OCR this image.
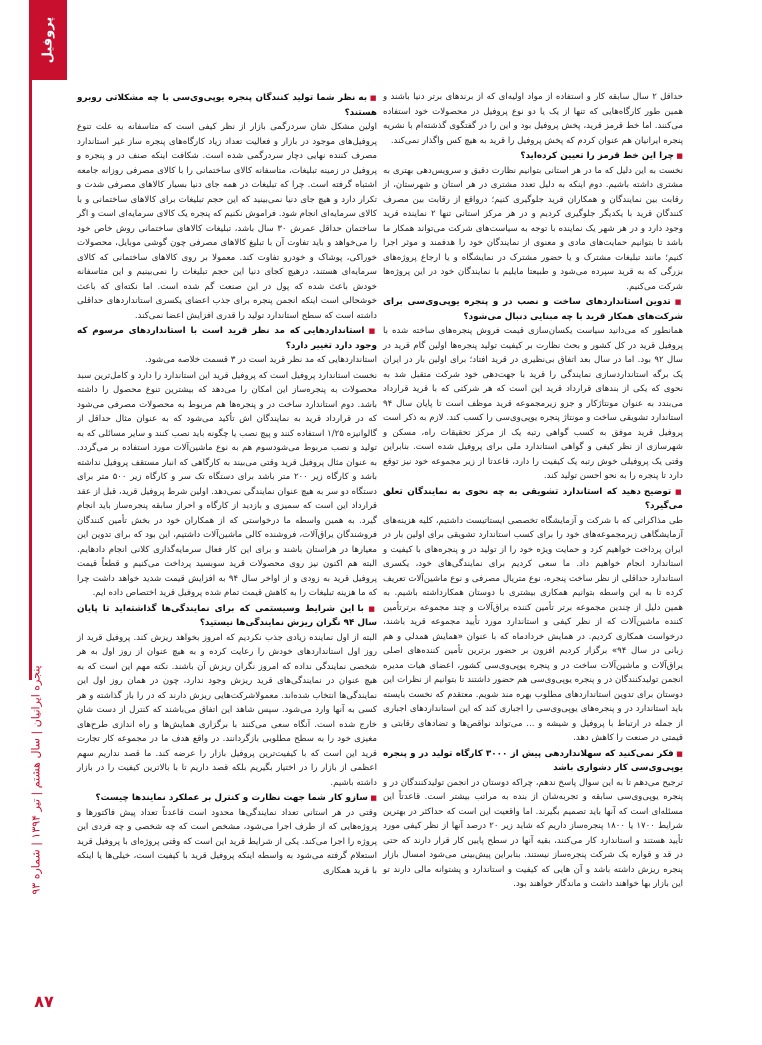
پروفیل
پنجره ایرانیان | سال هشتم | تیر ۱۳۹۴ | شماره ۹۳
۸۷

حداقل ۲ سال سابقه کار و استفاده از مواد اولیه‌ای که از برندهای برتر دنیا باشند و همین طور کارگاه‌هایی که تنها از یک یا دو نوع پروفیل در محصولات خود استفاده می‌کنند. اما خط قرمز قرید، پخش پروفیل بود و این را در گفتگوی گذشته‌ام با نشریه پنجره ایرانیان هم عنوان کردم که پخش پروفیل را قرید به هیچ کس واگذار نمی‌کند.

■ چرا این خط قرمز را تعیین کرده‌اید؟

نخست به این دلیل که ما در هر استانی بتوانیم نظارت دقیق و سرویس‌دهی بهتری به مشتری داشته باشیم. دوم اینکه به دلیل تعدد مشتری در هر استان و شهرستان، از رقابت بین نمایندگان و همکاران قرید جلوگیری کنیم؛ درواقع از رقابت بین مصرف کنندگان قرید با یکدیگر جلوگیری کردیم و در هر مرکز استانی تنها ۲ نماینده قرید وجود دارد و در هر شهر یک نماینده با توجه به سیاست‌های شرکت می‌تواند همکار ما باشد تا بتوانیم حمایت‌های مادی و معنوی از نمایندگان خود را هدفمند و موثر اجرا کنیم؛ مانند تبلیغات مشترک و یا حضور مشترک در نمایشگاه و یا ارجاع پروژه‌های بزرگی که به قرید سپرده می‌شود و طبیعتا مایلیم با نمایندگان خود در این پروژه‌ها شرکت می‌کنیم.

■ تدوین استانداردهای ساخت و نصب در و پنجره یو‌پی‌وی‌سی برای شرکت‌های همکار قرید با چه مبنایی دنبال می‌شود؟

همانطور که می‌دانید سیاست یکسان‌سازی قیمت فروش پنجره‌های ساخته شده با پروفیل قرید در کل کشور و بحث نظارت بر کیفیت تولید پنجره‌ها اولین گام قرید در سال ۹۲ بود. اما در سال بعد اتفاق بی‌نظیری در قرید افتاد؛ برای اولین بار در ایران یک برگه استانداردسازی نمایندگی را قرید با جهت‌دهی خود شرکت متقبل شد به نحوی که یکی از بندهای قرارداد قرید این است که هر شرکتی که با قرید قرارداد می‌بندد به عنوان مونتاژکار و جزو زیرمجموعه قرید موظف است تا پایان سال ۹۴ استاندارد تشویقی ساخت و مونتاژ پنجره یو‌پی‌وی‌سی را کسب کند. لازم به ذکر است پروفیل قرید موفق به کسب گواهی رتبه یک از مرکز تحقیقات راه، مسکن و شهرسازی از نظر کیفی و گواهی استاندارد ملی برای پروفیل شده است. بنابراین وقتی یک پروفیلی خوش رتبه یک کیفیت را دارد، قاعدتا از زیر مجموعه خود نیز توقع دارد تا پنجره را به نحو احسن تولید کند.

■ توضیح دهید که استاندارد تشویقی به چه نحوی به نمایندگان تعلق می‌گیرد؟

طی مذاکراتی که با شرکت و آزمایشگاه تخصصی ایستاتیست داشتیم، کلیه هزینه‌های آزمایشگاهی زیرمجموعه‌های خود را برای کسب استاندارد تشویقی برای اولین بار در ایران پرداخت خواهیم کرد و حمایت ویژه خود را از تولید در و پنجره‌های با کیفیت و استاندارد انجام خواهیم داد. ما سعی کردیم برای نمایندگی‌های خود، یکسری استاندارد حداقلی از نظر ساخت پنجره، نوع متریال مصرفی و نوع ماشین‌آلات تعریف کرده تا به این واسطه بتوانیم همکاری بیشتری با دوستان همکارداشته باشیم. به همین دلیل از چندین مجموعه برتر تأمین کننده یراق‌آلات و چند مجموعه برترتأمین کننده ماشین‌آلات که از نظر کیفی و استاندارد مورد تأیید مجموعه قرید باشند، درخواست همکاری کردیم. در همایش خردادماه که با عنوان «همایش همدلی و هم زبانی در سال ۹۴» برگزار کردیم افزون بر حضور برترین تأمین کننده‌های اصلی یراق‌آلات و ماشین‌آلات ساخت در و پنجره یو‌پی‌وی‌سی کشور، اعضای هیات مدیره انجمن تولیدکنندگان در و پنجره یو‌پی‌وی‌سی هم حضور داشتند تا بتوانیم از نظرات این دوستان برای تدوین استانداردهای مطلوب بهره مند شویم. معتقدم که نخست بایسته باید استاندارد در و پنجره‌های یو‌پی‌وی‌سی را اجباری کند که این استانداردهای اجباری از جمله در ارتباط با پروفیل و شیشه و ... می‌تواند نواقص‌ها و تضادهای رقابتی و قیمتی در صنعت را کاهش دهد.

■ فکر نمی‌کنید که سهلانداردهی پیش از ۳۰۰۰ کارگاه تولید در و پنجره یو‌پی‌وی‌سی کار دشواری باشد

ترجیح می‌دهم تا به این سوال پاسخ ندهم، چراکه دوستان در انجمن تولیدکنندگان در و پنجره یو‌پی‌وی‌سی سابقه و تجربه‌شان از بنده به مراتب بیشتر است. قاعدتاً این مسئله‌ای است که آنها باید تصمیم بگیرند. اما واقعیت این است که حداکثر در بهترین شرایط ۱۷۰۰ یا ۱۸۰۰ پنجره‌ساز داریم که شاید زیر ۲۰ درصد آنها از نظر کیفی مورد تأیید هستند و استاندارد کار می‌کنند، بقیه آنها در سطح پایین کار قرار دارند که حتی در قد و قواره یک شرکت پنجره‌ساز نیستند. بنابراین پیش‌بینی می‌شود امسال بازار پنجره ریزش داشته باشد و آن هایی که کیفیت و استاندارد و پشتوانه مالی دارند تو این بازار بها خواهند داشت و ماندگار خواهند بود.

■ به نظر شما تولید کنندگان پنجره یو‌پی‌وی‌سی با چه مشکلاتی روبرو هستند؟

اولین مشکل شان سردرگمی بازار از نظر کیفی است که متاسفانه به علت تنوع پروفیل‌های موجود در بازار و فعالیت تعداد زیاد کارگاه‌های پنجره ساز غیر استاندارد مصرف کننده نهایی دچار سردرگمی شده است. شکافت اینکه صنف در و پنجره و پروفیل در زمینه تبلیغات، متاسفانه کالای ساختمانی را با کالای مصرفی روزانه جامعه اشتباه گرفته است. چرا که تبلیغات در همه جای دنیا بسیار کالاهای مصرفی شدت و تکرار دارد و هیچ جای دنیا نمی‌بینید که این حجم تبلیغات برای کالاهای ساختمانی و با کالای سرمایه‌ای انجام شود. فراموش نکنیم که پنجره یک کالای سرمایه‌ای است و اگر ساختمان حداقل عمرش ۳۰ سال باشد، تبلیغات کالاهای ساختمانی روش خاص خود را می‌خواهد و باید تفاوت آن با تبلیغ کالاهای مصرفی چون گوشی موبایل، محصولات خوراکی، پوشاک و خودرو تفاوت کند. معمولا بر روی کالاهای ساختمانی که کالای سرمایه‌ای هستند، درهیچ کجای دنیا این حجم تبلیغات را نمی‌بینیم و این متاسفانه خودش باعث شده که پول در این صنعت گم شده است. اما نکته‌ای که باعث خوشحالی است اینکه انجمن پنجره برای جذب اعضای یکسری استانداردهای حداقلی داشته است که سطح استاندارد تولید را قدری افزایش اعضا نمی‌کند.

■ استانداردهایی که مد نظر قرید است با استانداردهای مرسوم که وجود دارد تغییر دارد؟

استانداردهایی که مد نظر قرید است در ۳ قسمت خلاصه می‌شود.

نخست استاندارد پروفیل است که پروفیل قرید این استاندارد را دارد و کامل‌ترین سبد محصولات به پنجره‌ساز این امکان را می‌دهد که بیشترین تنوع محصول را داشته باشد. دوم استاندارد ساخت در و پنجره‌ها هم مربوط به محصولات مصرفی می‌شود که در قرارداد قرید به نمایندگان اش تأکید می‌شود که به عنوان مثال حداقل از گالوانیزه ۱/۲۵ استفاده کنند و پیچ نصب یا چگونه باید نصب کنند و سایر مسائلی که به تولید و نصب مربوط می‌شودسوم هم به نوع ماشین‌آلات مورد استفاده بر می‌گردد. به عنوان مثال پروفیل قرید وقتی می‌بیند به کارگاهی که انبار مستقف پروفیل نداشته باشد و کارگاه زیر ۲۰۰ متر باشد برای دستگاه تک سر و کارگاه زیر ۵۰۰ متر برای دستگاه دو سر به هیچ عنوان نمایندگی نمی‌دهد. اولین شرط پروفیل قرید، قبل از عقد قرارداد این است که سمیزی و بازدید از کارگاه و احراز سابقه پنجره‌ساز باید انجام گیرد. به همین واسطه ما درخواستی که از همکاران خود در بخش تأمین کنندگان فروشندگان یراق‌آلات، فروشنده کالی ماشین‌آلات داشتیم، این بود که برای تدوین این معیارها در هراستان باشند و برای این کار فعال سرمایه‌گذاری کلانی انجام دادهایم. البته هم اکنون نیز روی محصولات قرید سوبسید پرداخت می‌کنیم و قطعاً قیمت پروفیل قرید به زودی و از اواخر سال ۹۴ به افزایش قیمت شدید خواهد داشت چرا که ما هزینه تبلیغات را به کاهش قیمت تمام شده پروفیل قرید اختصاص داده ایم.

■ با این شرایط وسیستمی که برای نمایندگی‌ها گذاشته‌اید تا پایان سال ۹۴ نگران ریزش نمایندگی‌ها نیستید؟

البته از اول نماینده زیادی جذب نکردیم که امروز بخواهد ریزش کند. پروفیل قرید از روز اول استانداردهای خودش را رعایت کرده و به هیچ عنوان از روز اول به هر شخصی نمایندگی نداده که امروز نگران ریزش آن باشند. نکته مهم این است که به هیچ عنوان در نمایندگی‌های قرید ریزش وجود ندارد، چون در همان روز اول این نمایندگی‌ها انتخاب شده‌اند. معمولاشرکت‌هایی ریزش دارند که در را باز گذاشته و هر کسی به آنها وارد می‌شود. سپس شاهد این اتفاق می‌باشند که کنترل از دست شان خارج شده است. آنگاه سعی می‌کنند با برگزاری همایش‌ها و راه اندازی طرح‌های مغیزی خود را به سطح مطلوبی بازگردانند. در واقع هدف ما در مجموعه کار تجارت قرید این است که با کیفیت‌ترین پروفیل بازار را عرضه کند. ما قصد نداریم سهم اعظمی از بازار را در اختیار بگیریم بلکه قصد داریم تا با بالاترین کیفیت را در بازار داشته باشیم.

■ سازو کار شما جهت نظارت و کنترل بر عملکرد نمایندها چیست؟

وقتی در هر استانی تعداد نمایندگی‌ها محدود است قاعدتاً تعداد پیش فاکتورها و پروژه‌هایی که از طرف اجرا می‌شود، مشخص است که چه شخصی و چه فردی این پروژه را اجرا می‌کند. یکی از شرایط قرید این است که وقتی پروژه‌ای با پروفیل قرید استعلام گرفته می‌شود به واسطه اینکه پروفیل قرید با کیفیت است، خیلی‌ها یا اینکه با قرید همکاری
